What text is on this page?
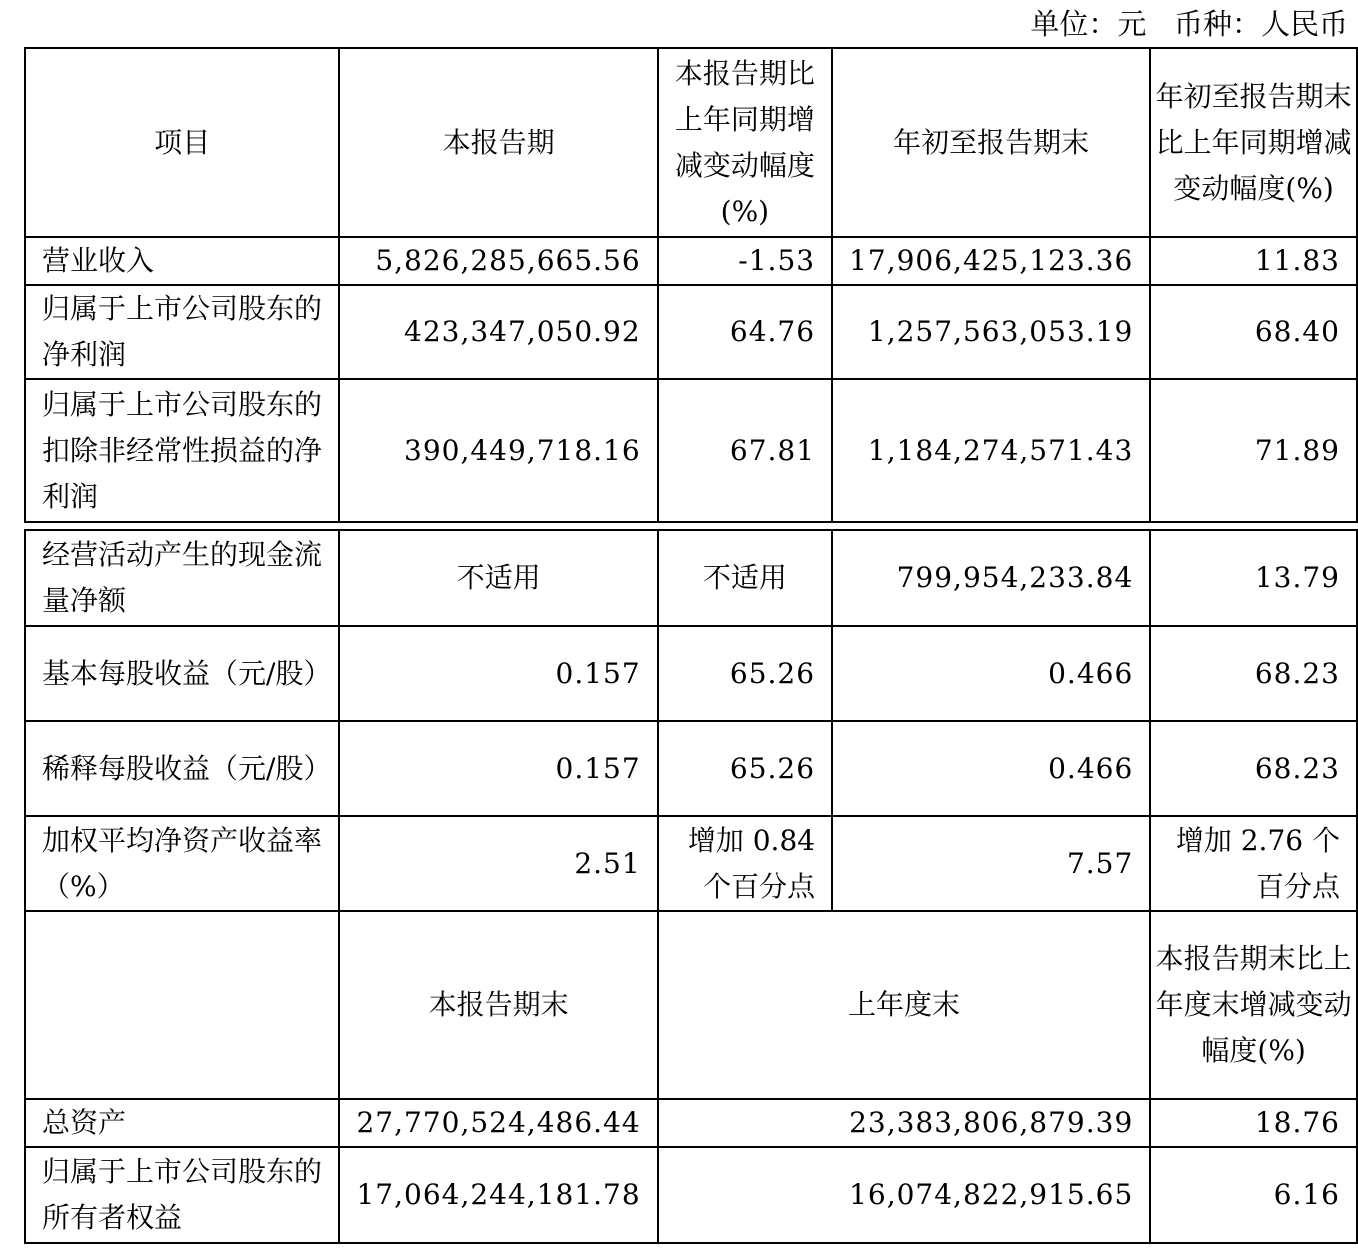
单位：元   币种：人民币
项目	本报告期	本报告期比上年同期增减变动幅度(%)	年初至报告期末	年初至报告期末比上年同期增减变动幅度(%)
营业收入	5,826,285,665.56	-1.53	17,906,425,123.36	11.83
归属于上市公司股东的净利润	423,347,050.92	64.76	1,257,563,053.19	68.40
归属于上市公司股东的扣除非经常性损益的净利润	390,449,718.16	67.81	1,184,274,571.43	71.89

经营活动产生的现金流量净额	不适用	不适用	799,954,233.84	13.79
基本每股收益（元/股）	0.157	65.26	0.466	68.23
稀释每股收益（元/股）	0.157	65.26	0.466	68.23
加权平均净资产收益率（%）	2.51	增加 0.84 个百分点	7.57	增加 2.76 个百分点
	本报告期末	上年度末		本报告期末比上年度末增减变动幅度(%)
总资产	27,770,524,486.44	23,383,806,879.39		18.76
归属于上市公司股东的所有者权益	17,064,244,181.78	16,074,822,915.65		6.16
